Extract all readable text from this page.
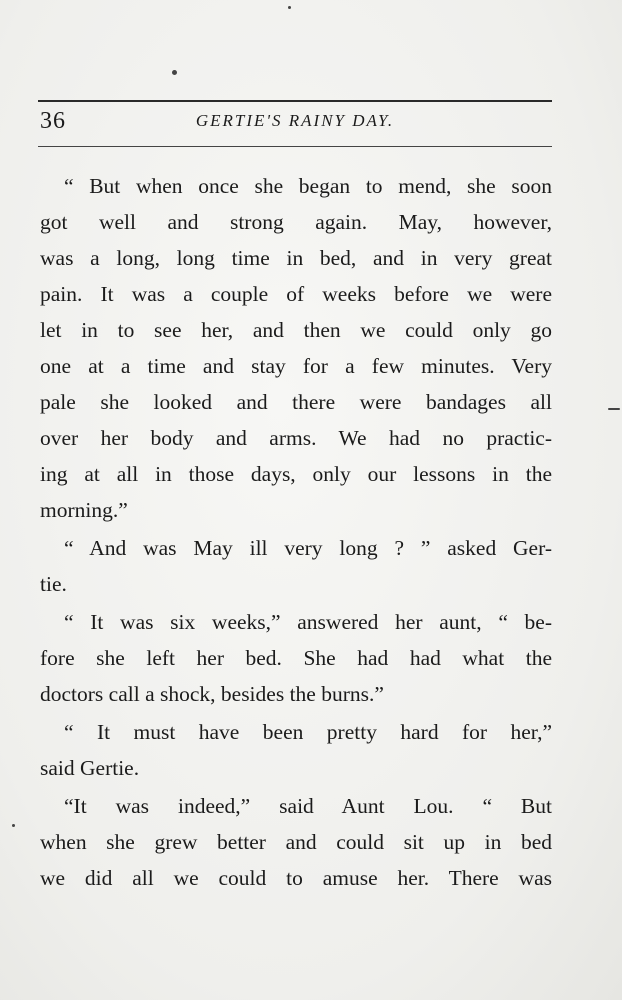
36	GERTIE'S RAINY DAY.
“ But when once she began to mend, she soon
got well and strong again. May, however,
was a long, long time in bed, and in very great
pain. It was a couple of weeks before we were
let in to see her, and then we could only go
one at a time and stay for a few minutes. Very
pale she looked and there were bandages all
over her body and arms. We had no practic-
ing at all in those days, only our lessons in the
morning.”
“ And was May ill very long ? ” asked Ger-
tie.
“ It was six weeks,” answered her aunt, “ be-
fore she left her bed. She had had what the
doctors call a shock, besides the burns.”
“ It must have been pretty hard for her,”
said Gertie.
“It was indeed,” said Aunt Lou. “ But
when she grew better and could sit up in bed
we did all we could to amuse her. There was
